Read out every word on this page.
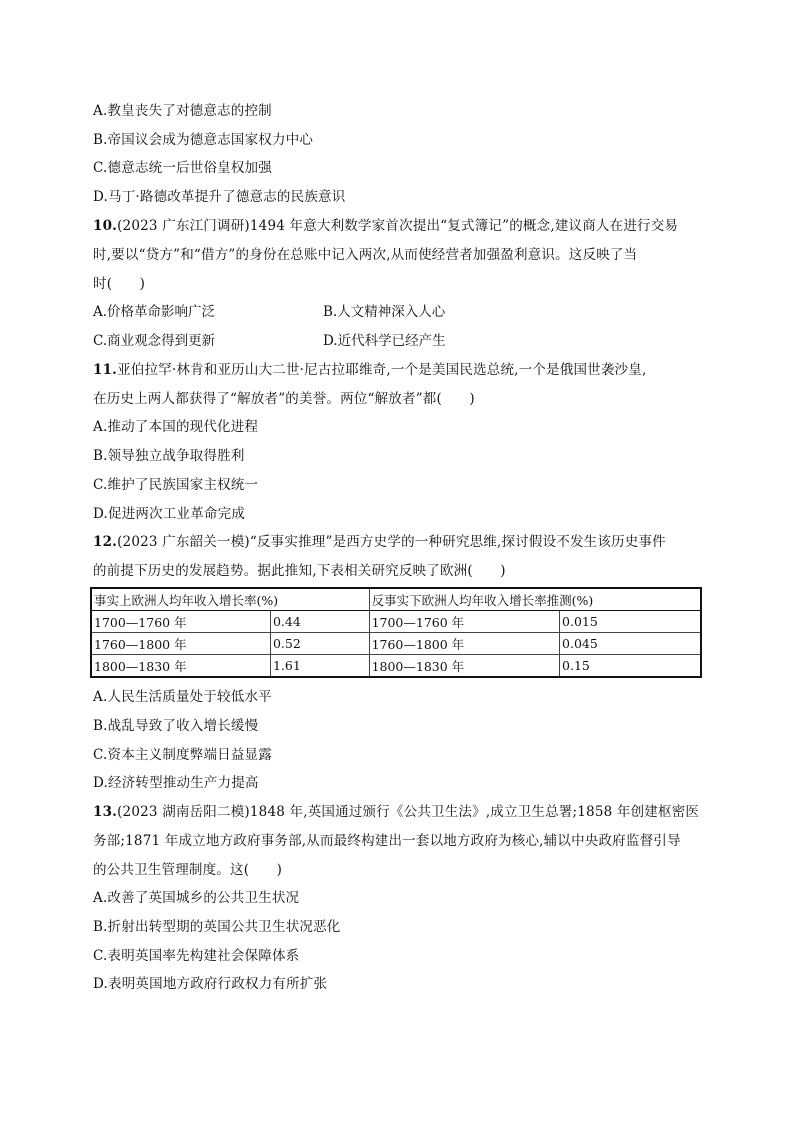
A.教皇丧失了对德意志的控制
B.帝国议会成为德意志国家权力中心
C.德意志统一后世俗皇权加强
D.马丁·路德改革提升了德意志的民族意识
10.(2023 广东江门调研)1494 年意大利数学家首次提出“复式簿记”的概念,建议商人在进行交易
时,要以“贷方”和“借方”的身份在总账中记入两次,从而使经营者加强盈利意识。这反映了当
时(　　)
A.价格革命影响广泛	B.人文精神深入人心
C.商业观念得到更新	D.近代科学已经产生
11.亚伯拉罕·林肯和亚历山大二世·尼古拉耶维奇,一个是美国民选总统,一个是俄国世袭沙皇,
在历史上两人都获得了“解放者”的美誉。两位“解放者”都(　　)
A.推动了本国的现代化进程
B.领导独立战争取得胜利
C.维护了民族国家主权统一
D.促进两次工业革命完成
12.(2023 广东韶关一模)“反事实推理”是西方史学的一种研究思维,探讨假设不发生该历史事件
的前提下历史的发展趋势。据此推知,下表相关研究反映了欧洲(　　)
事实上欧洲人均年收入增长率(%)		反事实下欧洲人均年收入增长率推测(%)	
1700—1760 年	0.44	1700—1760 年	0.015
1760—1800 年	0.52	1760—1800 年	0.045
1800—1830 年	1.61	1800—1830 年	0.15
A.人民生活质量处于较低水平
B.战乱导致了收入增长缓慢
C.资本主义制度弊端日益显露
D.经济转型推动生产力提高
13.(2023 湖南岳阳二模)1848 年,英国通过颁行《公共卫生法》,成立卫生总署;1858 年创建枢密医
务部;1871 年成立地方政府事务部,从而最终构建出一套以地方政府为核心,辅以中央政府监督引导
的公共卫生管理制度。这(　　)
A.改善了英国城乡的公共卫生状况
B.折射出转型期的英国公共卫生状况恶化
C.表明英国率先构建社会保障体系
D.表明英国地方政府行政权力有所扩张
